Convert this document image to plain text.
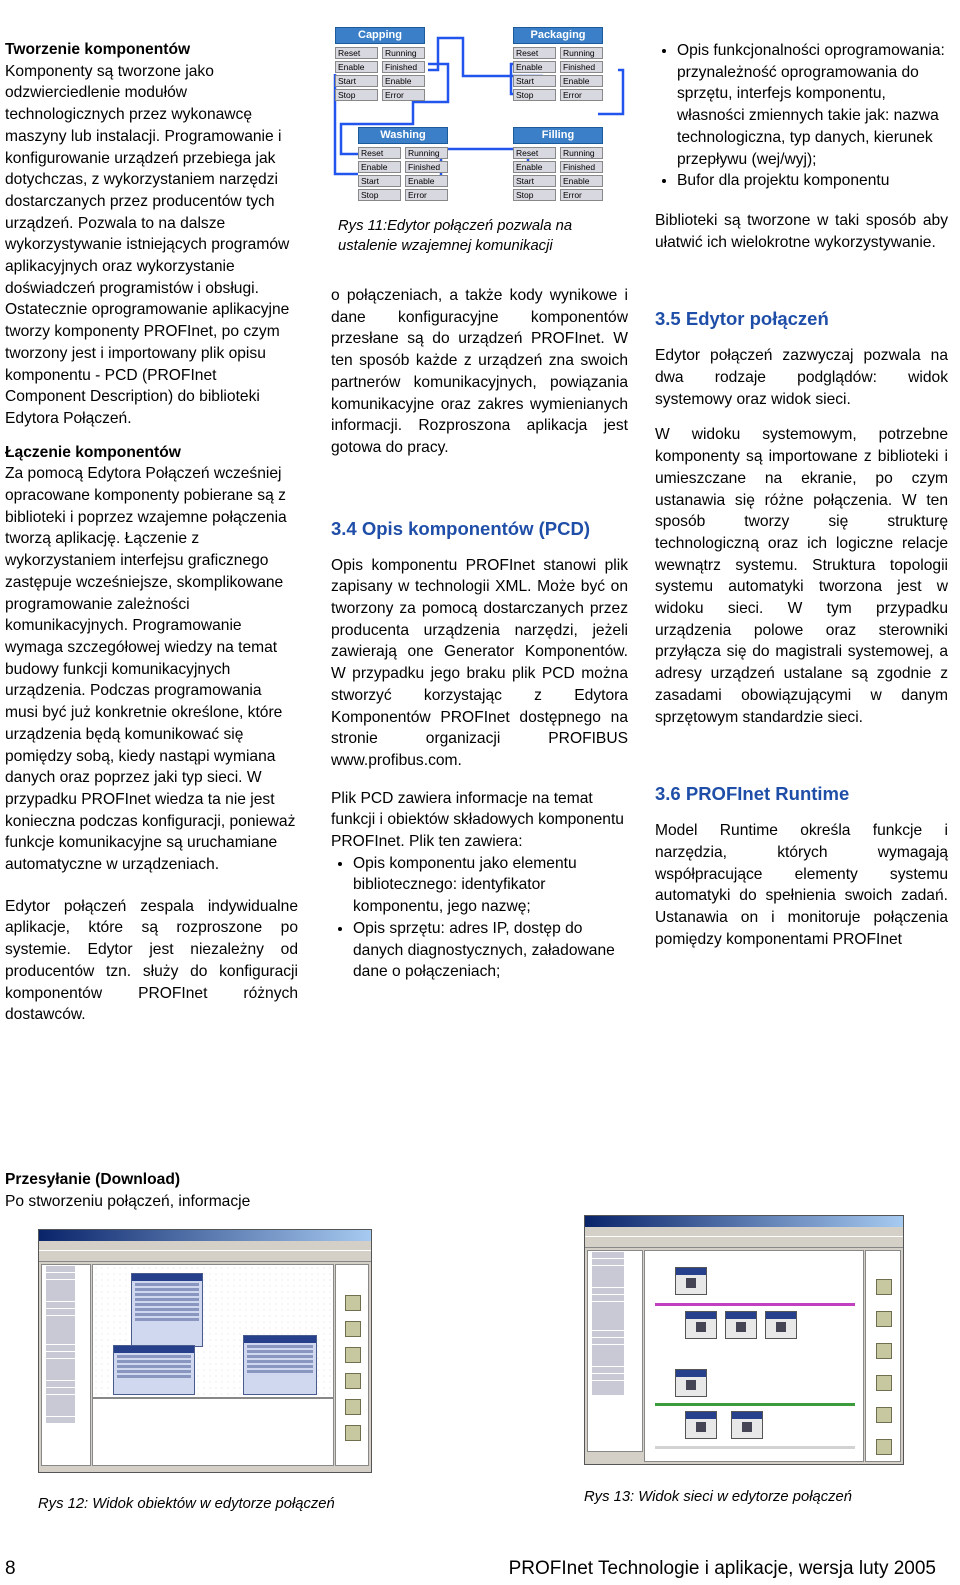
Tworzenie komponentów

Komponenty są tworzone jako odzwierciedlenie modułów technologicznych przez wykonawcę maszyny lub instalacji. Programowanie i konfigurowanie urządzeń przebiega jak dotychczas, z wykorzystaniem narzędzi dostarczanych przez producentów tych urządzeń. Pozwala to na dalsze wykorzystywanie istniejących programów aplikacyjnych oraz wykorzystanie doświadczeń programistów i obsługi. Ostatecznie oprogramowanie aplikacyjne tworzy komponenty PROFInet, po czym tworzony jest i importowany plik opisu komponentu - PCD (PROFInet Component Description) do biblioteki Edytora Połączeń.

Łączenie komponentów

Za pomocą Edytora Połączeń wcześniej opracowane komponenty pobierane są z biblioteki i poprzez wzajemne połączenia tworzą aplikację. Łączenie z wykorzystaniem interfejsu graficznego zastępuje wcześniejsze, skomplikowane programowanie zależności komunikacyjnych. Programowanie wymaga szczegółowej wiedzy na temat budowy funkcji komunikacyjnych urządzenia. Podczas programowania musi być już konkretnie określone, które urządzenia będą komunikować się pomiędzy sobą, kiedy nastąpi wymiana danych oraz poprzez jaki typ sieci. W przypadku PROFInet wiedza ta nie jest konieczna podczas konfiguracji, ponieważ funkcje komunikacyjne są uruchamiane automatyczne w urządzeniach.

Edytor połączeń zespala indywidualne aplikacje, które są rozproszone po systemie. Edytor jest niezależny od producentów tzn. służy do konfiguracji komponentów PROFInet różnych dostawców.

Przesyłanie (Download)
Po stworzeniu połączeń, informacje
Capping
Reset	Running
Enable	Finished
Start	Enable
Stop	Error
Packaging
Reset	Running
Enable	Finished
Start	Enable
Stop	Error
Washing
Reset	Running
Enable	Finished
Start	Enable
Stop	Error
Filling
Reset	Running
Enable	Finished
Start	Enable
Stop	Error
Rys 11:Edytor połączeń pozwala na ustalenie wzajemnej komunikacji

o połączeniach, a także kody wynikowe i dane konfiguracyjne komponentów przesłane są do urządzeń PROFInet. W ten sposób każde z urządzeń zna swoich partnerów komunikacyjnych, powiązania komunikacyjne oraz zakres wymienianych informacji. Rozproszona aplikacja jest gotowa do pracy.

3.4 Opis komponentów (PCD)

Opis komponentu PROFInet stanowi plik zapisany w technologii XML. Może być on tworzony za pomocą dostarczanych przez producenta urządzenia narzędzi, jeżeli zawierają one Generator Komponentów. W przypadku jego braku plik PCD można stworzyć korzystając z Edytora Komponentów PROFInet dostępnego na stronie organizacji PROFIBUS www.profibus.com.

Plik PCD zawiera informacje na temat funkcji i obiektów składowych komponentu PROFInet. Plik ten zawiera:

• Opis komponentu jako elementu bibliotecznego: identyfikator komponentu, jego nazwę;
• Opis sprzętu: adres IP, dostęp do danych diagnostycznych, załadowane dane o połączeniach;
• Opis funkcjonalności oprogramowania: przynależność oprogramowania do sprzętu, interfejs komponentu, własności zmiennych takie jak: nazwa technologiczna, typ danych, kierunek przepływu (wej/wyj);
• Bufor dla projektu komponentu

Biblioteki są tworzone w taki sposób aby ułatwić ich wielokrotne wykorzystywanie.

3.5 Edytor połączeń

Edytor połączeń zazwyczaj pozwala na dwa rodzaje podglądów: widok systemowy oraz widok sieci.

W widoku systemowym, potrzebne komponenty są importowane z biblioteki i umieszczane na ekranie, po czym ustanawia się różne połączenia. W ten sposób tworzy się strukturę technologiczną oraz ich logiczne relacje wewnątrz systemu. Struktura topologii systemu automatyki tworzona jest w widoku sieci. W tym przypadku urządzenia polowe oraz sterowniki przyłącza się do magistrali systemowej, a adresy urządzeń ustalane są zgodnie z zasadami obowiązującymi w danym sprzętowym standardzie sieci.

3.6 PROFInet Runtime

Model Runtime określa funkcje i narzędzia, których wymagają współpracujące elementy systemu automatyki do spełnienia swoich zadań. Ustanawia on i monitoruje połączenia pomiędzy komponentami PROFInet

Rys 12: Widok obiektów w edytorze połączeń	Rys 13: Widok sieci w edytorze połączeń
8	PROFInet Technologie i aplikacje, wersja luty 2005
